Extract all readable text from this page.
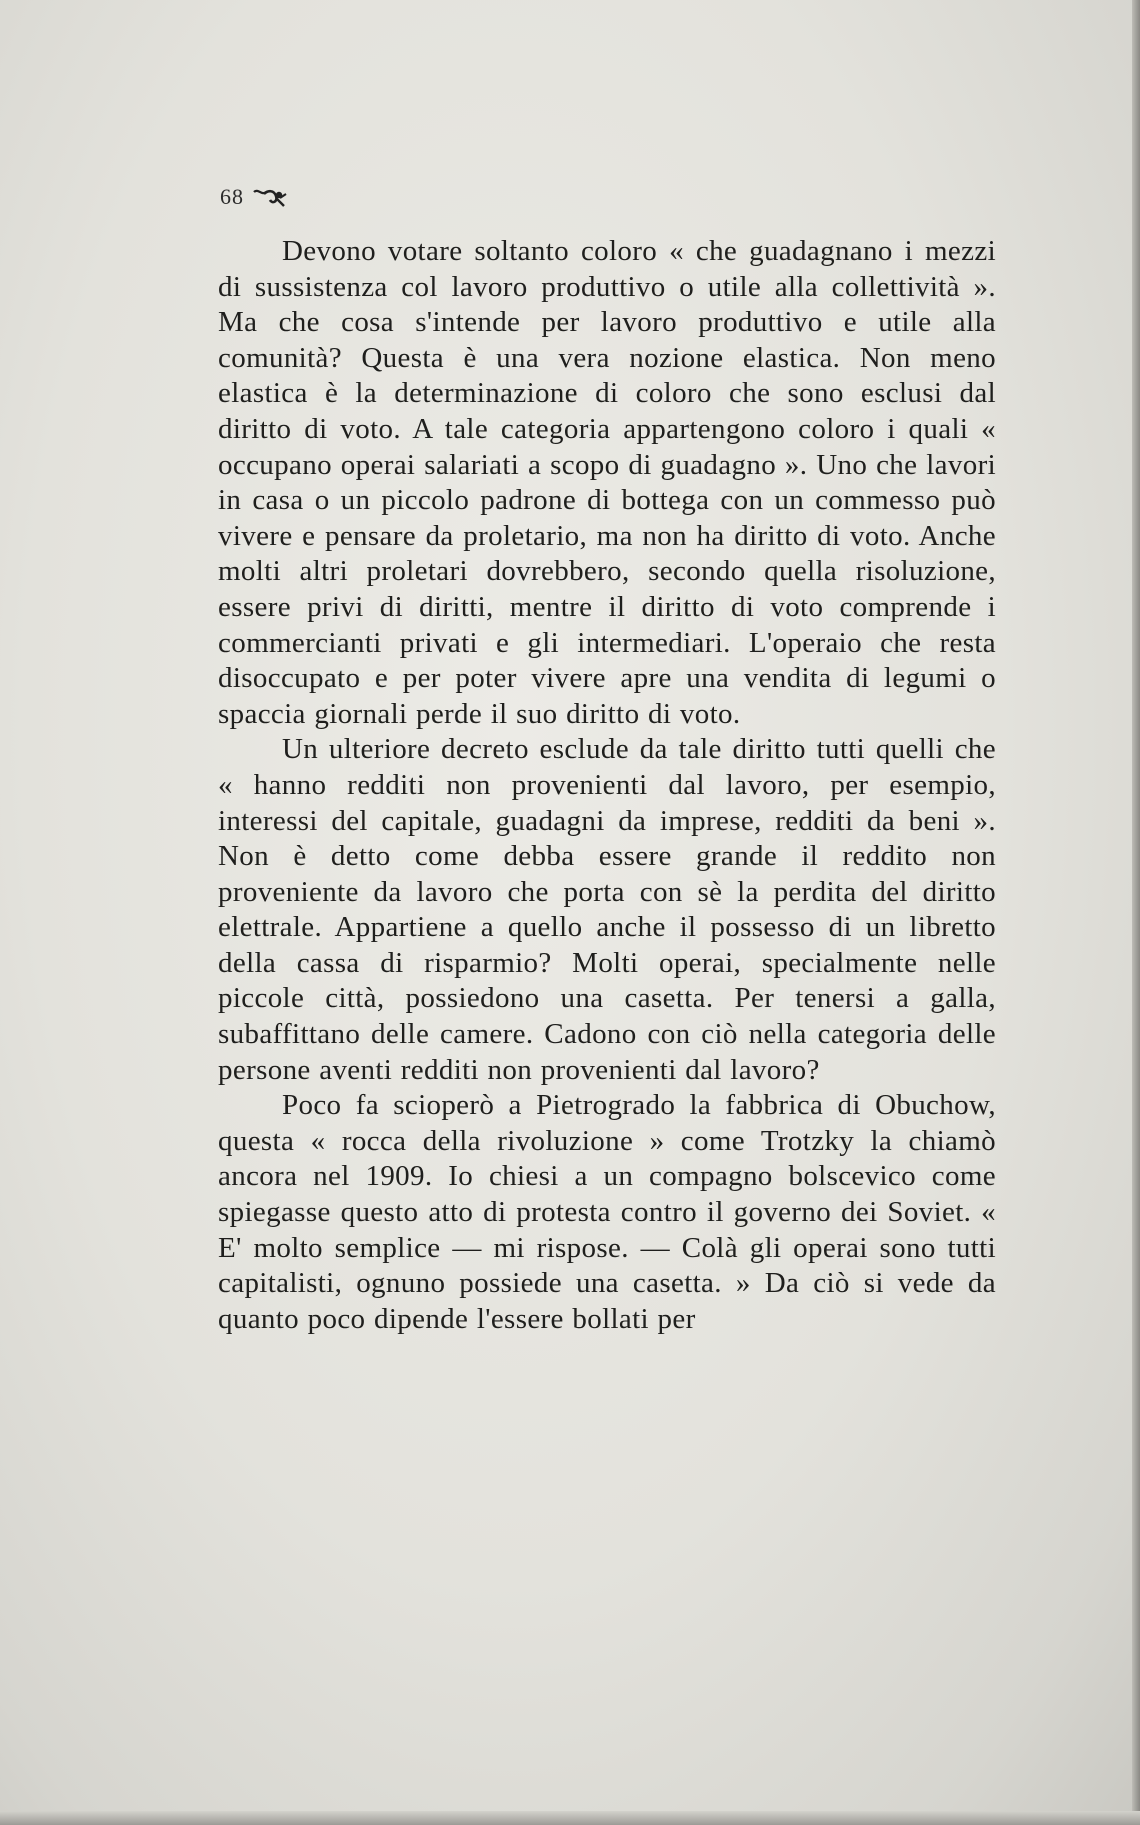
68

Devono votare soltanto coloro « che guadagnano i mezzi di sussistenza col lavoro produttivo o utile alla collettività ». Ma che cosa s'intende per lavoro produttivo e utile alla comunità? Questa è una vera nozione elastica. Non meno elastica è la determinazione di coloro che sono esclusi dal diritto di voto. A tale categoria appartengono coloro i quali « occupano operai salariati a scopo di guadagno ». Uno che lavori in casa o un piccolo padrone di bottega con un commesso può vivere e pensare da proletario, ma non ha diritto di voto. Anche molti altri proletari dovrebbero, secondo quella risoluzione, essere privi di diritti, mentre il diritto di voto comprende i commercianti privati e gli intermediari. L'operaio che resta disoccupato e per poter vivere apre una vendita di legumi o spaccia giornali perde il suo diritto di voto.

Un ulteriore decreto esclude da tale diritto tutti quelli che « hanno redditi non provenienti dal lavoro, per esempio, interessi del capitale, guadagni da imprese, redditi da beni ». Non è detto come debba essere grande il reddito non proveniente da lavoro che porta con sè la perdita del diritto elettrale. Appartiene a quello anche il possesso di un libretto della cassa di risparmio? Molti operai, specialmente nelle piccole città, possiedono una casetta. Per tenersi a galla, subaffittano delle camere. Cadono con ciò nella categoria delle persone aventi redditi non provenienti dal lavoro?

Poco fa scioperò a Pietrogrado la fabbrica di Obuchow, questa « rocca della rivoluzione » come Trotzky la chiamò ancora nel 1909. Io chiesi a un compagno bolscevico come spiegasse questo atto di protesta contro il governo dei Soviet. « E' molto semplice — mi rispose. — Colà gli operai sono tutti capitalisti, ognuno possiede una casetta. » Da ciò si vede da quanto poco dipende l'essere bollati per
